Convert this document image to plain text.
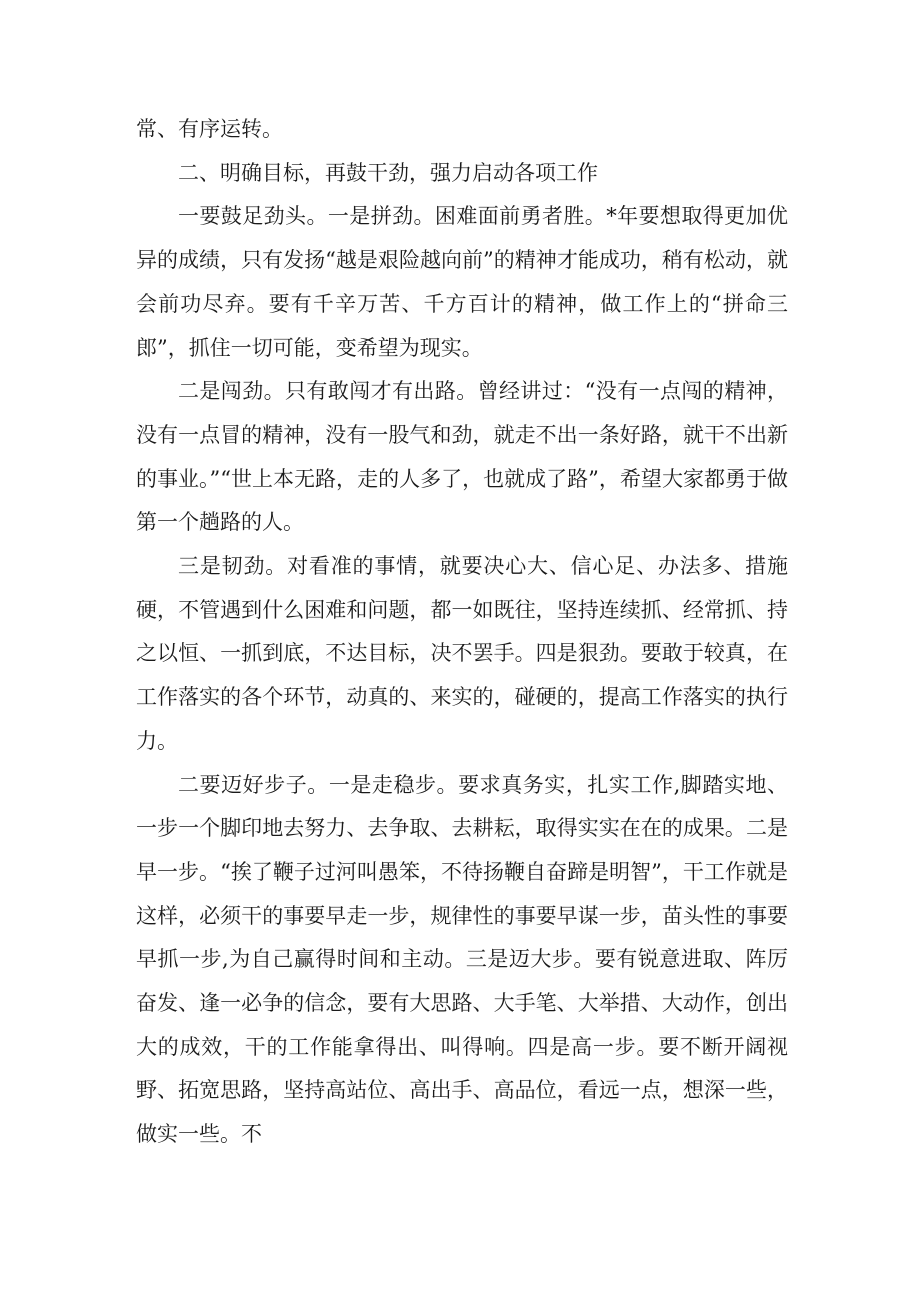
常、有序运转。

二、明确目标，再鼓干劲，强力启动各项工作

一要鼓足劲头。一是拼劲。困难面前勇者胜。*年要想取得更加优异的成绩，只有发扬“越是艰险越向前”的精神才能成功，稍有松动，就会前功尽弃。要有千辛万苦、千方百计的精神，做工作上的“拼命三郎”，抓住一切可能，变希望为现实。

二是闯劲。只有敢闯才有出路。曾经讲过：“没有一点闯的精神，没有一点冒的精神，没有一股气和劲，就走不出一条好路，就干不出新的事业。”“世上本无路，走的人多了，也就成了路”，希望大家都勇于做第一个趟路的人。

三是韧劲。对看准的事情，就要决心大、信心足、办法多、措施硬，不管遇到什么困难和问题，都一如既往，坚持连续抓、经常抓、持之以恒、一抓到底，不达目标，决不罢手。四是狠劲。要敢于较真，在工作落实的各个环节，动真的、来实的，碰硬的，提高工作落实的执行力。

二要迈好步子。一是走稳步。要求真务实，扎实工作,脚踏实地、一步一个脚印地去努力、去争取、去耕耘，取得实实在在的成果。二是早一步。“挨了鞭子过河叫愚笨，不待扬鞭自奋蹄是明智”，干工作就是这样，必须干的事要早走一步，规律性的事要早谋一步，苗头性的事要早抓一步,为自己赢得时间和主动。三是迈大步。要有锐意进取、阵厉奋发、逢一必争的信念，要有大思路、大手笔、大举措、大动作，创出大的成效，干的工作能拿得出、叫得响。四是高一步。要不断开阔视野、拓宽思路，坚持高站位、高出手、高品位，看远一点，想深一些，做实一些。不
